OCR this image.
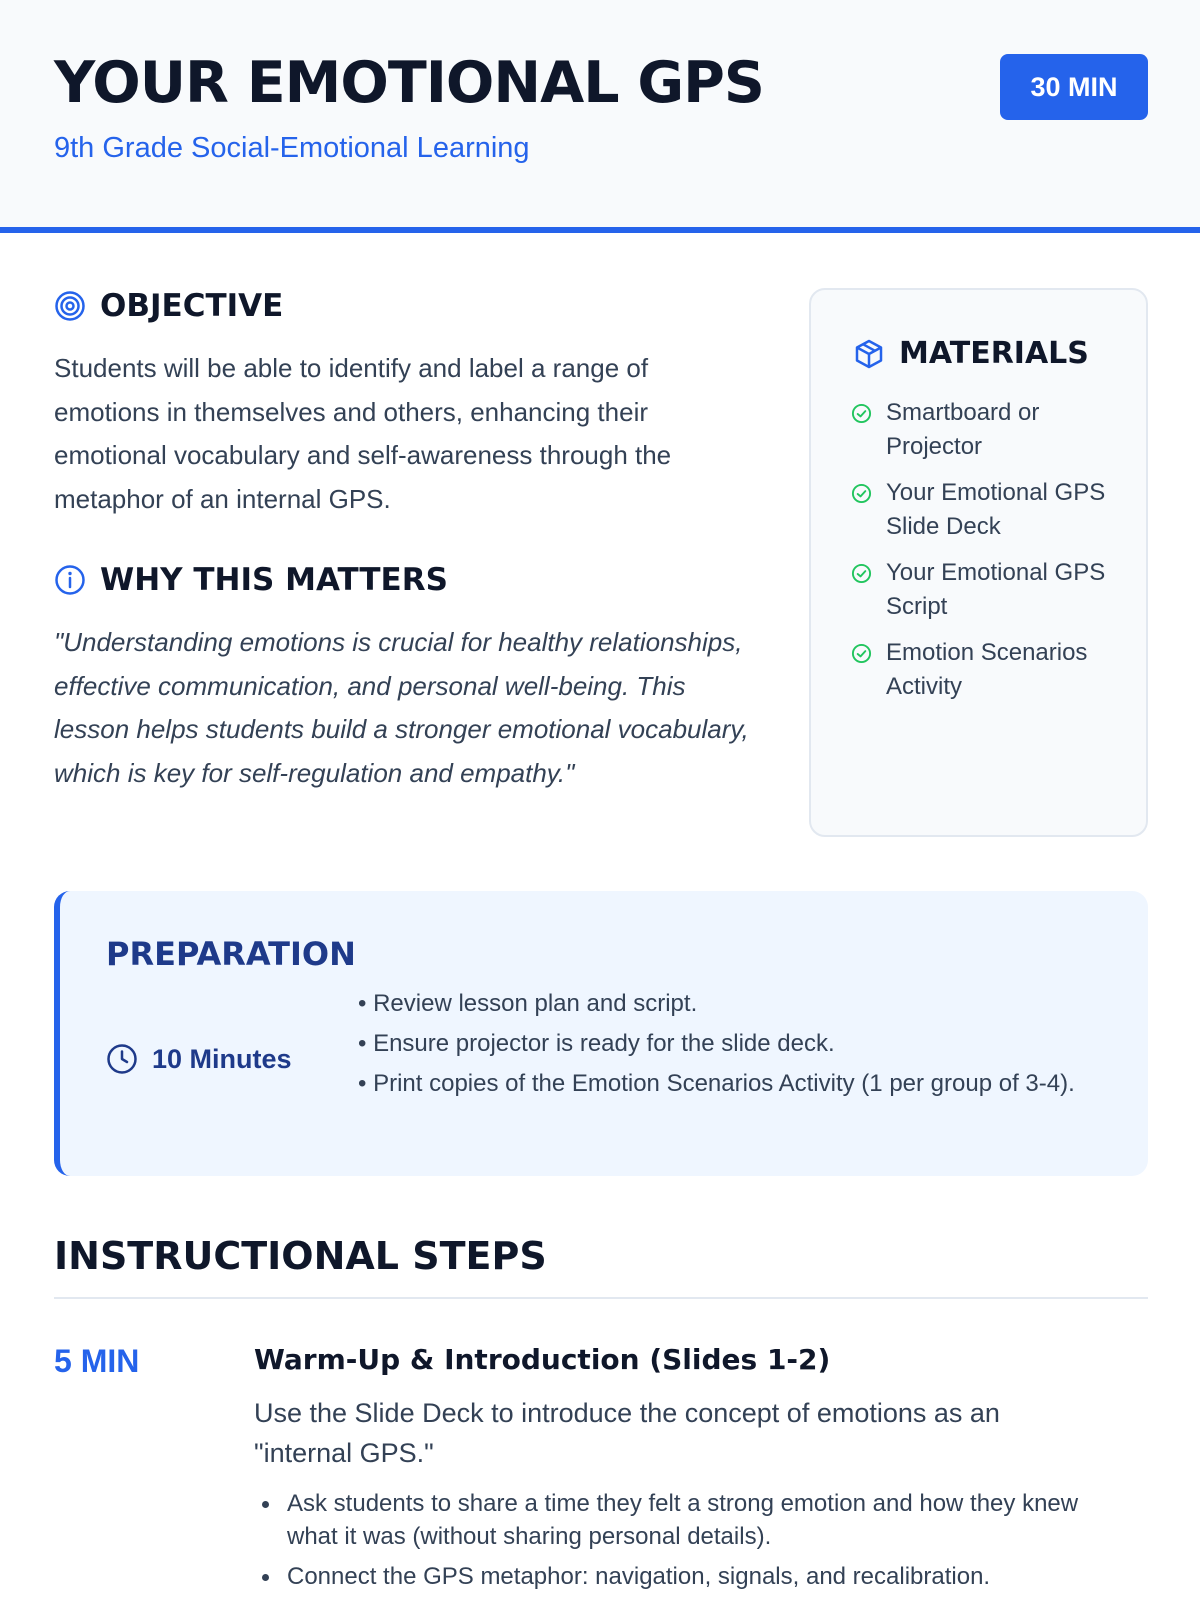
YOUR EMOTIONAL GPS
9th Grade Social-Emotional Learning
30 MIN
OBJECTIVE

Students will be able to identify and label a range of emotions in themselves and others, enhancing their emotional vocabulary and self-awareness through the metaphor of an internal GPS.

WHY THIS MATTERS

"Understanding emotions is crucial for healthy relationships, effective communication, and personal well-being. This lesson helps students build a stronger emotional vocabulary, which is key for self-regulation and empathy."

MATERIALS
Smartboard or Projector
Your Emotional GPS Slide Deck
Your Emotional GPS Script
Emotion Scenarios Activity
PREPARATION
10 Minutes
• Review lesson plan and script.
• Ensure projector is ready for the slide deck.
• Print copies of the Emotion Scenarios Activity (1 per group of 3-4).
INSTRUCTIONAL STEPS
5 MIN	Warm-Up & Introduction (Slides 1-2)

Use the Slide Deck to introduce the concept of emotions as an "internal GPS."

Ask students to share a time they felt a strong emotion and how they knew what it was (without sharing personal details).
Connect the GPS metaphor: navigation, signals, and recalibration.
